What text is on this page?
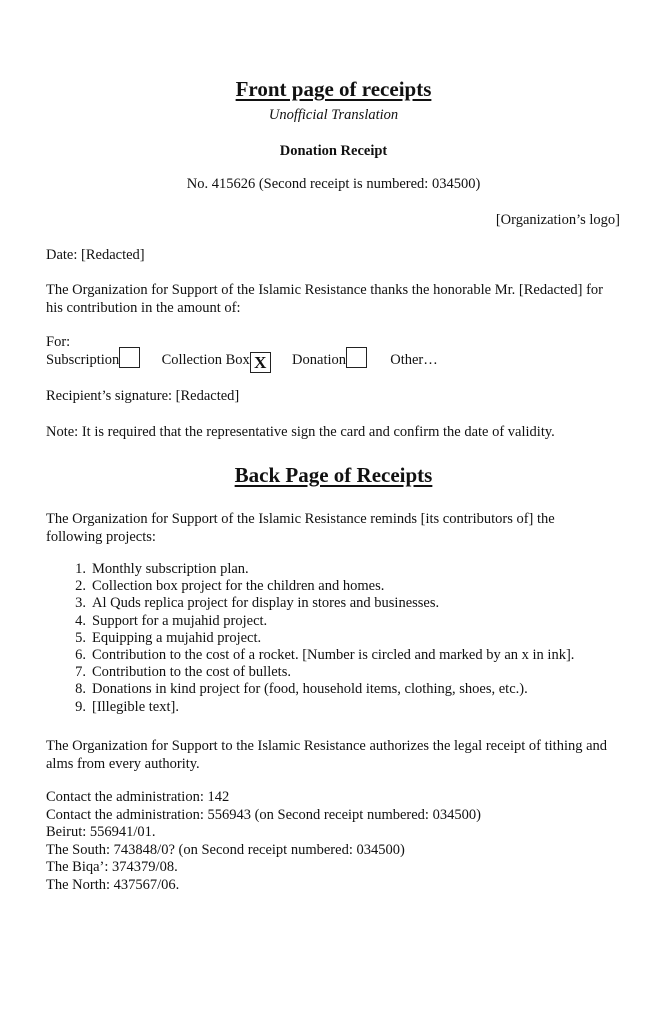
Front page of receipts
Unofficial Translation
Donation Receipt
No. 415626 (Second receipt is numbered: 034500)
[Organization’s logo]
Date: [Redacted]
The Organization for Support of the Islamic Resistance thanks the honorable Mr. [Redacted] for his contribution in the amount of:
For:
Subscription	Collection Box X Donation	Other…
Recipient’s signature: [Redacted]
Note: It is required that the representative sign the card and confirm the date of validity.
Back Page of Receipts
The Organization for Support of the Islamic Resistance reminds [its contributors of] the following projects:
1. Monthly subscription plan.
2. Collection box project for the children and homes.
3. Al Quds replica project for display in stores and businesses.
4. Support for a mujahid project.
5. Equipping a mujahid project.
6. Contribution to the cost of a rocket. [Number is circled and marked by an x in ink].
7. Contribution to the cost of bullets.
8. Donations in kind project for (food, household items, clothing, shoes, etc.).
9. [Illegible text].
The Organization for Support to the Islamic Resistance authorizes the legal receipt of tithing and alms from every authority.
Contact the administration: 142
Contact the administration: 556943 (on Second receipt numbered: 034500)
Beirut: 556941/01.
The South: 743848/0? (on Second receipt numbered: 034500)
The Biqa’: 374379/08.
The North: 437567/06.
